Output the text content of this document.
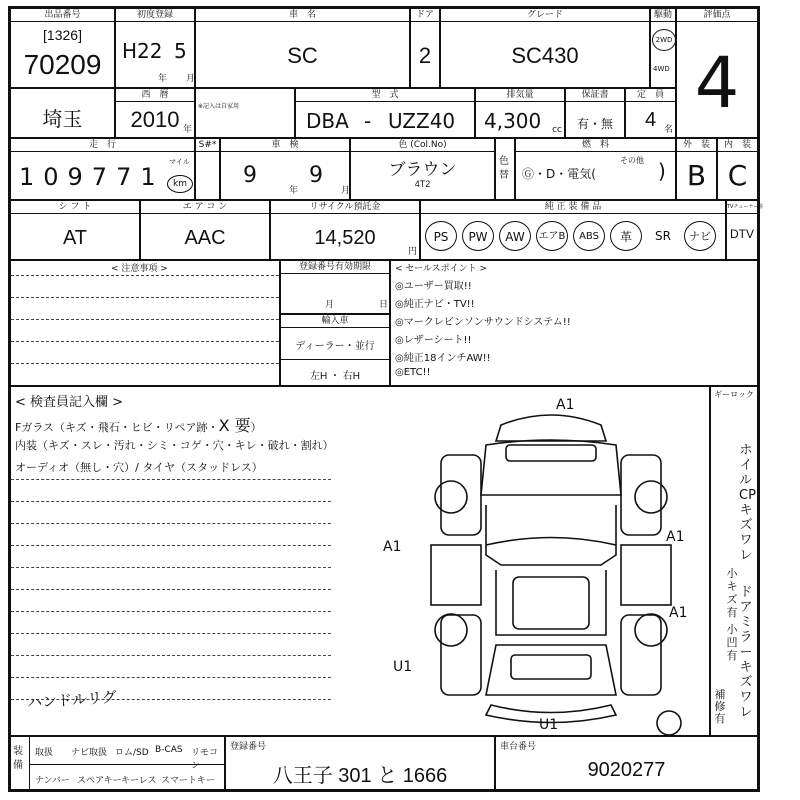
出品番号
[1326]
70209
初度登録
H22 5
年 月
車　名
SC
ドア
2
グレード
SC430
駆動
2WD
4WD
評価点
4
埼玉
西　暦
2010 年
※記入は自家用
型　式
DBA - UZZ40
排気量
4,300 cc
保証書
有・無
定　員
4 名
走　行
109771
マイル
km
S#*	車　検
9
年
9
月
色 (Col.No)
ブラウン
4T2
色替
燃　料
Ⓖ・D・電気(
その他 )
外　装
B
内　装
C
シ フ ト
AT
エ ア コ ン
AAC
リサイクル預託金
14,520
円
純 正 装 備 品
PS	PW	AW	エアB	ABS	革	SR	ナビ
TVチューナー等
DTV
< 注意事項 >	登録番号有効期限
月	日
輸入車
ディーラー・並行
左H ・ 右H
< セールスポイント >
◎ユーザー買取!!
◎純正ナビ・TV!!
◎マークレビンソンサウンドシステム!!
◎レザーシート!!
◎純正18インチAW!!
◎ETC!!
< 検査員記入欄 >
Fガラス（キズ・飛石・ヒビ・リペア跡・X 要）
内装（キズ・スレ・汚れ・シミ・コゲ・穴・キレ・破れ・割れ）
オーディオ（無し・穴）/ タイヤ（スタッドレス）
ハンドルリグ
A1
A1
A1
A1
U1
U1
ギーロック
ホイル・CPキズワレ
小キズ有
小凹有
ドアミラーキズワレ
補修有
装備
取扱 ナビ取扱 ロム/SD B-CAS リモコン
ナンバー スペアキー キーレス スマートキー
登録番号
八王子 301 と 1666
車台番号
9020277
